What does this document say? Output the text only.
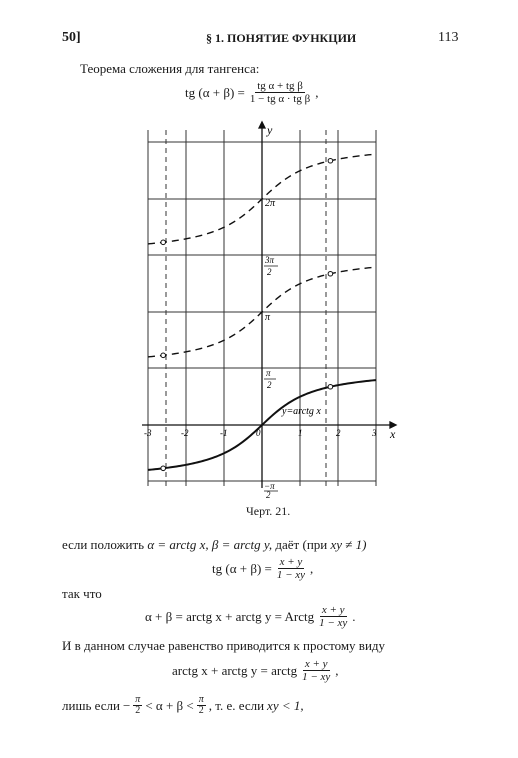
50]	§ 1. ПОНЯТИЕ ФУНКЦИИ	113
Теорема сложения для тангенса:
tg $(\alpha + \beta) = \frac{\text{tg α + tg β}}{\text{1 − tg α · tg β}}$ ,
y
x
y=arctg x
-3	-2	-1	0	1	2	3
2π
3π
2
π
π
2
−π
2
Черт. 21.
если положить α = arctg x, β = arctg y, даёт (при xy ≠ 1)
tg $(\alpha + \beta) = \frac{x + y}{1 - xy}$ ,
так что
α + β = arctg x + arctg y = Arctg $\frac{x + y}{1 - xy}$ .
И в данном случае равенство приводится к простому виду
arctg x + arctg y = arctg $\frac{x + y}{1 - xy}$ ,
лишь если − $\frac{\pi}{2} < \alpha + \beta < \frac{\pi}{2}$ , т. е. если xy < 1,
